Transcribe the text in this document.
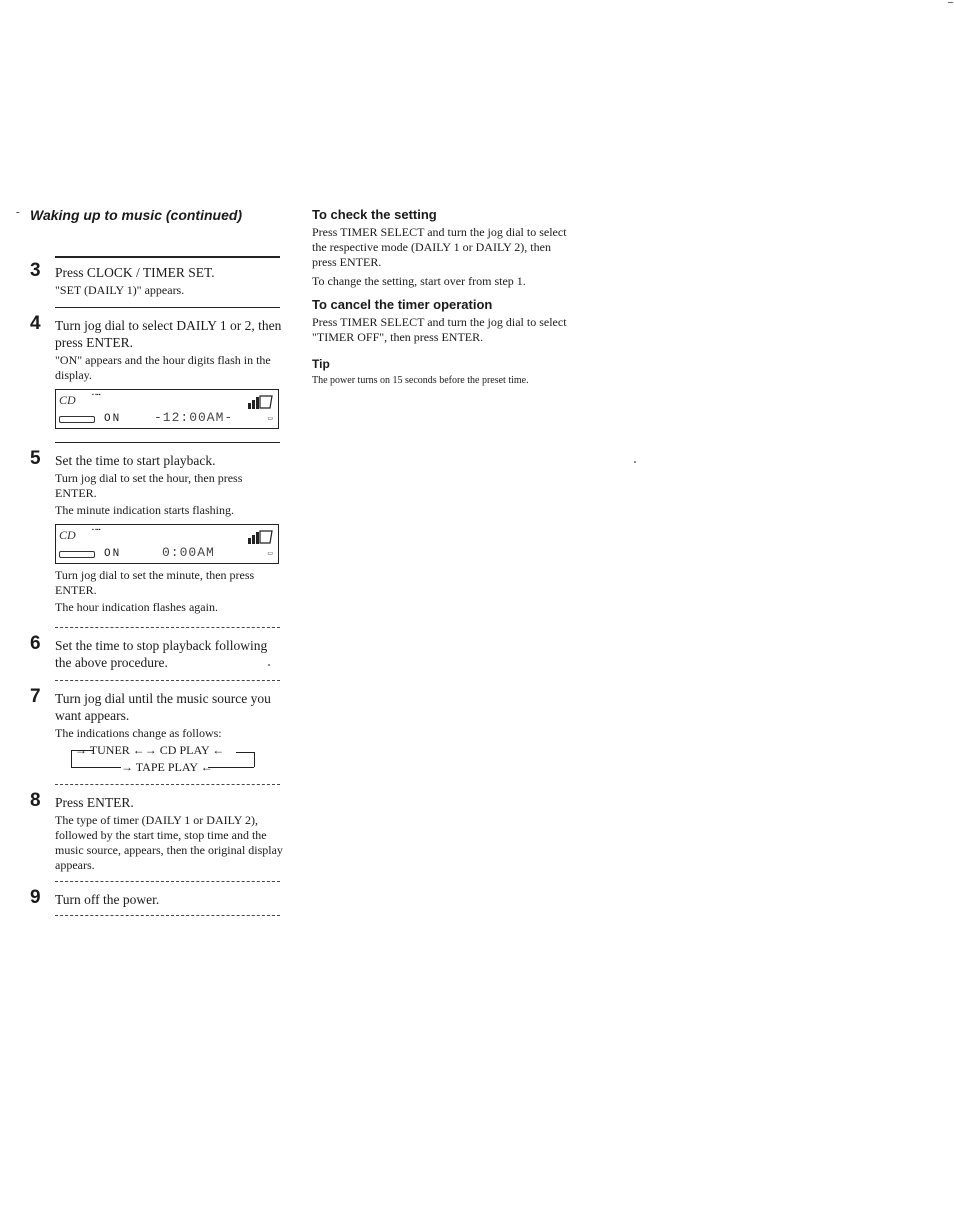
- Waking up to music (continued)
3 Press CLOCK / TIMER SET.

"SET (DAILY 1)" appears.

4 Turn jog dial to select DAILY 1 or 2, then press ENTER.

"ON" appears and the hour digits flash in the display.

CD	▪ ▪▪▪
ON	-12:00AM-	▭
5 Set the time to start playback.

Turn jog dial to set the hour, then press ENTER.

The minute indication starts flashing.

CD	▪ ▪▪▪
ON	0:00AM	▭

Turn jog dial to set the minute, then press ENTER.

The hour indication flashes again.

6 Set the time to stop playback following the above procedure.
7 Turn jog dial until the music source you want appears.

The indications change as follows:

→ TUNER ←→ CD PLAY ←
→ TAPE PLAY ←
8 Press ENTER.

The type of timer (DAILY 1 or DAILY 2), followed by the start time, stop time and the music source, appears, then the original display appears.

9 Turn off the power.
To check the setting

Press TIMER SELECT and turn the jog dial to select the respective mode (DAILY 1 or DAILY 2), then press ENTER.

To change the setting, start over from step 1.

To cancel the timer operation

Press TIMER SELECT and turn the jog dial to select "TIMER OFF", then press ENTER.

Tip

The power turns on 15 seconds before the preset time.
